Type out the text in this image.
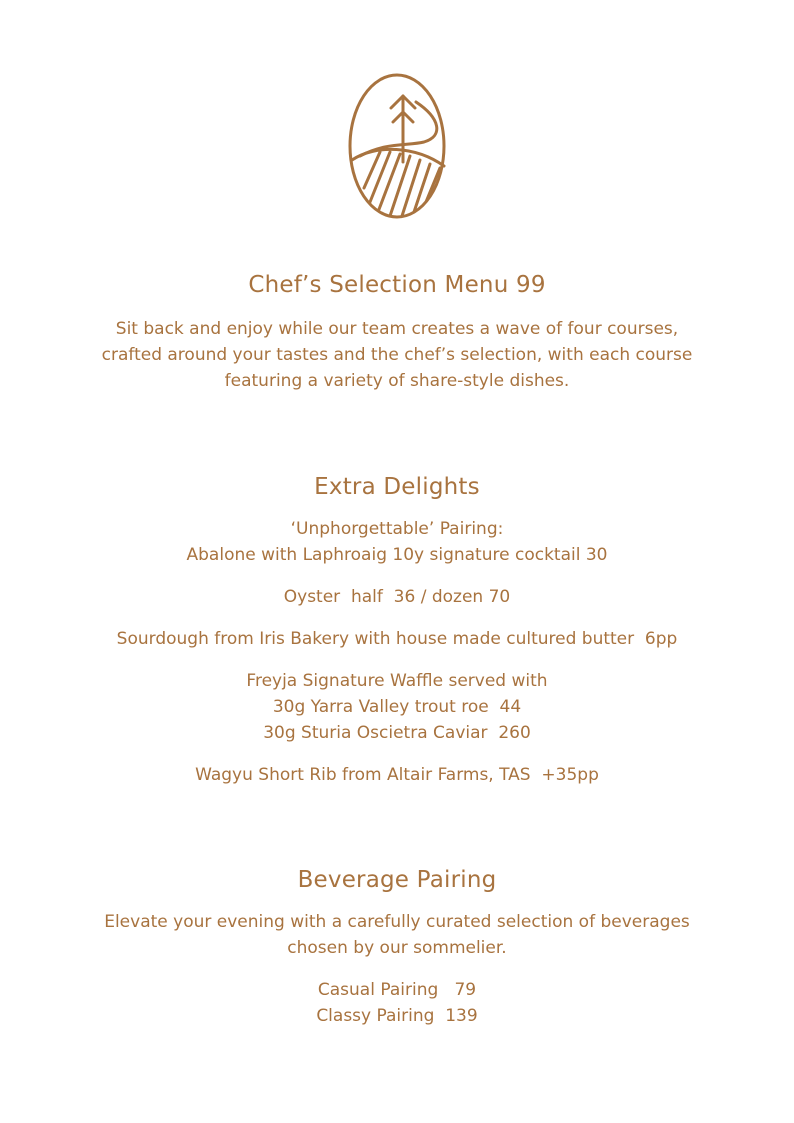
Chef’s Selection Menu 99
Sit back and enjoy while our team creates a wave of four courses,
crafted around your tastes and the chef’s selection, with each course
featuring a variety of share-style dishes.
Extra Delights
‘Unphorgettable’ Pairing:
Abalone with Laphroaig 10y signature cocktail 30
Oyster  half  36 / dozen 70
Sourdough from Iris Bakery with house made cultured butter  6pp
Freyja Signature Waffle served with
30g Yarra Valley trout roe  44
30g Sturia Oscietra Caviar  260
Wagyu Short Rib from Altair Farms, TAS  +35pp
Beverage Pairing
Elevate your evening with a carefully curated selection of beverages
chosen by our sommelier.
Casual Pairing   79
Classy Pairing  139
